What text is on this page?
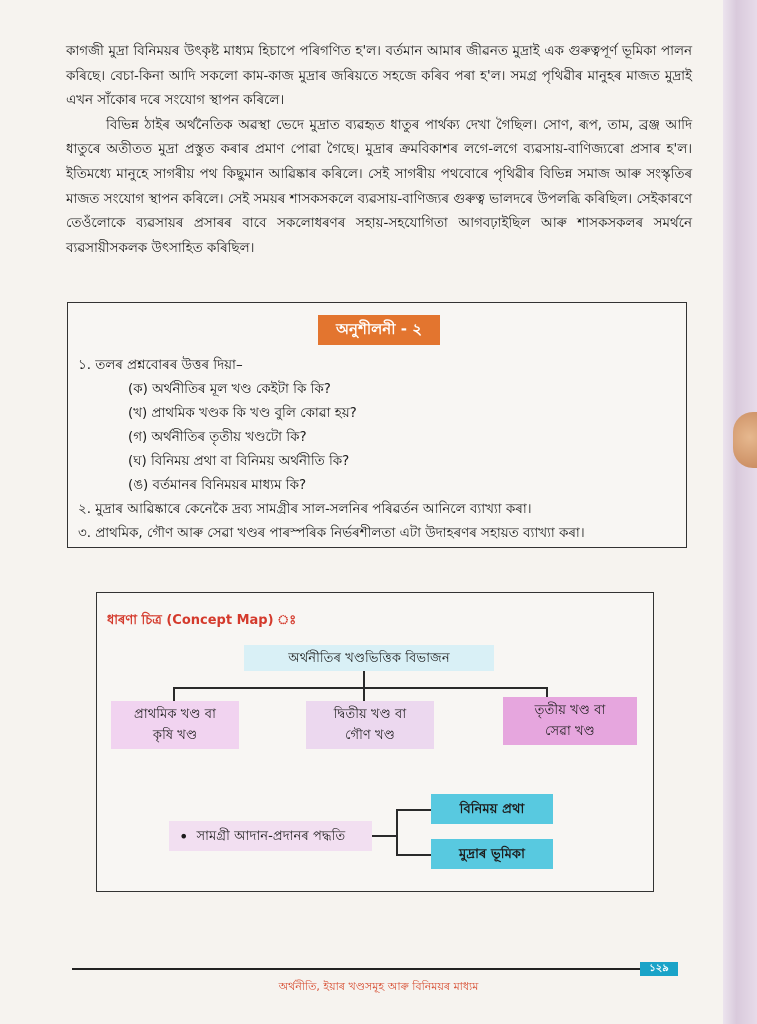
কাগজী মুদ্ৰা বিনিময়ৰ উৎকৃষ্ট মাধ্যম হিচাপে পৰিগণিত হ'ল। বৰ্তমান আমাৰ জীৱনত মুদ্ৰাই এক গুৰুত্বপূৰ্ণ ভূমিকা পালন কৰিছে। বেচা-কিনা আদি সকলো কাম-কাজ মুদ্ৰাৰ জৰিয়তে সহজে কৰিব পৰা হ'ল। সমগ্ৰ পৃথিৱীৰ মানুহৰ মাজত মুদ্ৰাই এখন সাঁকোৰ দৰে সংযোগ স্থাপন কৰিলে।

বিভিন্ন ঠাইৰ অৰ্থনৈতিক অৱস্থা ভেদে মুদ্ৰাত ব্যৱহৃত ধাতুৰ পাৰ্থক্য দেখা গৈছিল। সোণ, ৰূপ, তাম, ব্ৰঞ্জ আদি ধাতুৰে অতীতত মুদ্ৰা প্ৰস্তুত কৰাৰ প্ৰমাণ পোৱা গৈছে। মুদ্ৰাৰ ক্ৰমবিকাশৰ লগে-লগে ব্যৱসায়-বাণিজ্যৰো প্ৰসাৰ হ'ল। ইতিমধ্যে মানুহে সাগৰীয় পথ কিছুমান আৱিষ্কাৰ কৰিলে। সেই সাগৰীয় পথবোৰে পৃথিৱীৰ বিভিন্ন সমাজ আৰু সংস্কৃতিৰ মাজত সংযোগ স্থাপন কৰিলে। সেই সময়ৰ শাসকসকলে ব্যৱসায়-বাণিজ্যৰ গুৰুত্ব ভালদৰে উপলব্ধি কৰিছিল। সেইকাৰণে তেওঁলোকে ব্যৱসায়ৰ প্ৰসাৰৰ বাবে সকলোধৰণৰ সহায়-সহযোগিতা আগবঢ়াইছিল আৰু শাসকসকলৰ সমৰ্থনে ব্যৱসায়ীসকলক উৎসাহিত কৰিছিল।

অনুশীলনী - ২
১. তলৰ প্ৰশ্নবোৰৰ উত্তৰ দিয়া–
(ক) অৰ্থনীতিৰ মূল খণ্ড কেইটা কি কি?
(খ) প্ৰাথমিক খণ্ডক কি খণ্ড বুলি কোৱা হয়?
(গ) অৰ্থনীতিৰ তৃতীয় খণ্ডটো কি?
(ঘ) বিনিময় প্ৰথা বা বিনিময় অৰ্থনীতি কি?
(ঙ) বৰ্তমানৰ বিনিময়ৰ মাধ্যম কি?
২. মুদ্ৰাৰ আৱিষ্কাৰে কেনেকৈ দ্ৰব্য সামগ্ৰীৰ সাল-সলনিৰ পৰিৱৰ্তন আনিলে ব্যাখ্যা কৰা।
৩. প্ৰাথমিক, গৌণ আৰু সেৱা খণ্ডৰ পাৰস্পৰিক নিৰ্ভৰশীলতা এটা উদাহৰণৰ সহায়ত ব্যাখ্যা কৰা।
ধাৰণা চিত্ৰ (Concept Map) ঃ
অৰ্থনীতিৰ খণ্ডভিত্তিক বিভাজন
প্ৰাথমিক খণ্ড বা
কৃষি খণ্ড
দ্বিতীয় খণ্ড বা
গৌণ খণ্ড
তৃতীয় খণ্ড বা
সেৱা খণ্ড
• সামগ্ৰী আদান-প্ৰদানৰ পদ্ধতি
বিনিময় প্ৰথা
মুদ্ৰাৰ ভূমিকা
১২৯
অৰ্থনীতি, ইয়াৰ খণ্ডসমূহ আৰু বিনিময়ৰ মাধ্যম
